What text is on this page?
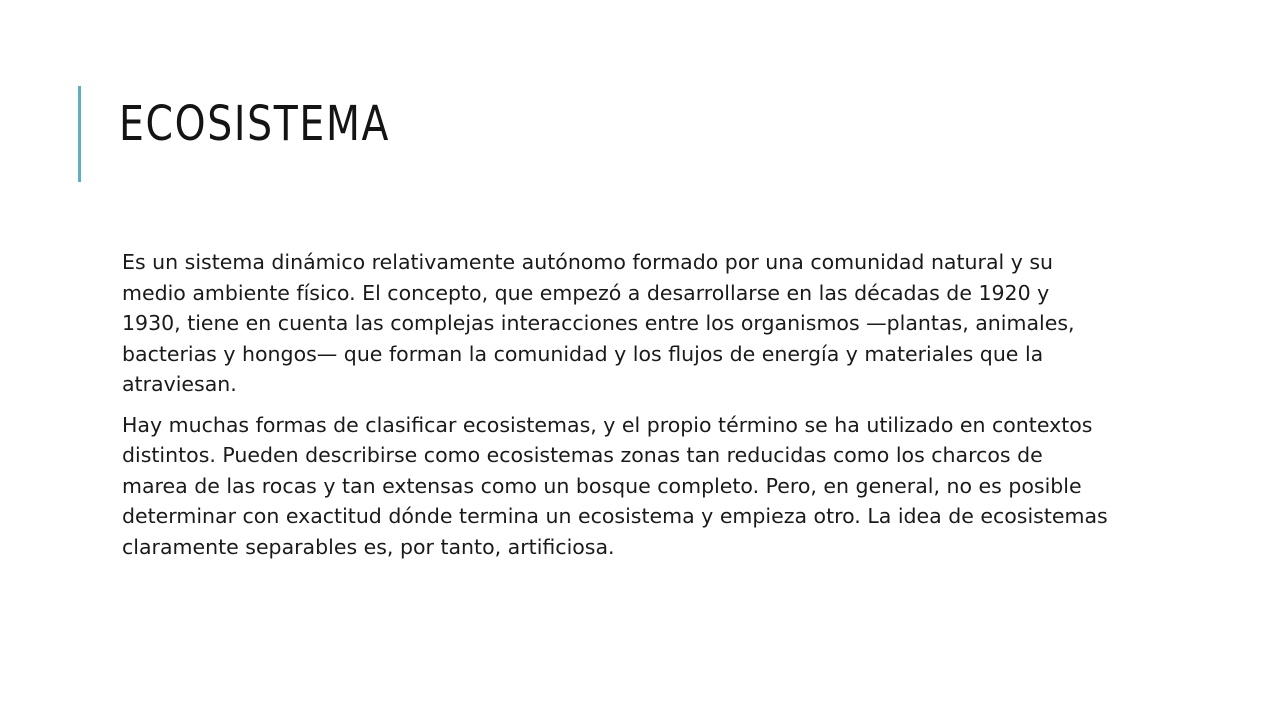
ECOSISTEMA

Es un sistema dinámico relativamente autónomo formado por una comunidad natural y su medio ambiente físico. El concepto, que empezó a desarrollarse en las décadas de 1920 y 1930, tiene en cuenta las complejas interacciones entre los organismos —plantas, animales, bacterias y hongos— que forman la comunidad y los flujos de energía y materiales que la atraviesan.

Hay muchas formas de clasificar ecosistemas, y el propio término se ha utilizado en contextos distintos. Pueden describirse como ecosistemas zonas tan reducidas como los charcos de marea de las rocas y tan extensas como un bosque completo. Pero, en general, no es posible determinar con exactitud dónde termina un ecosistema y empieza otro. La idea de ecosistemas claramente separables es, por tanto, artificiosa.
